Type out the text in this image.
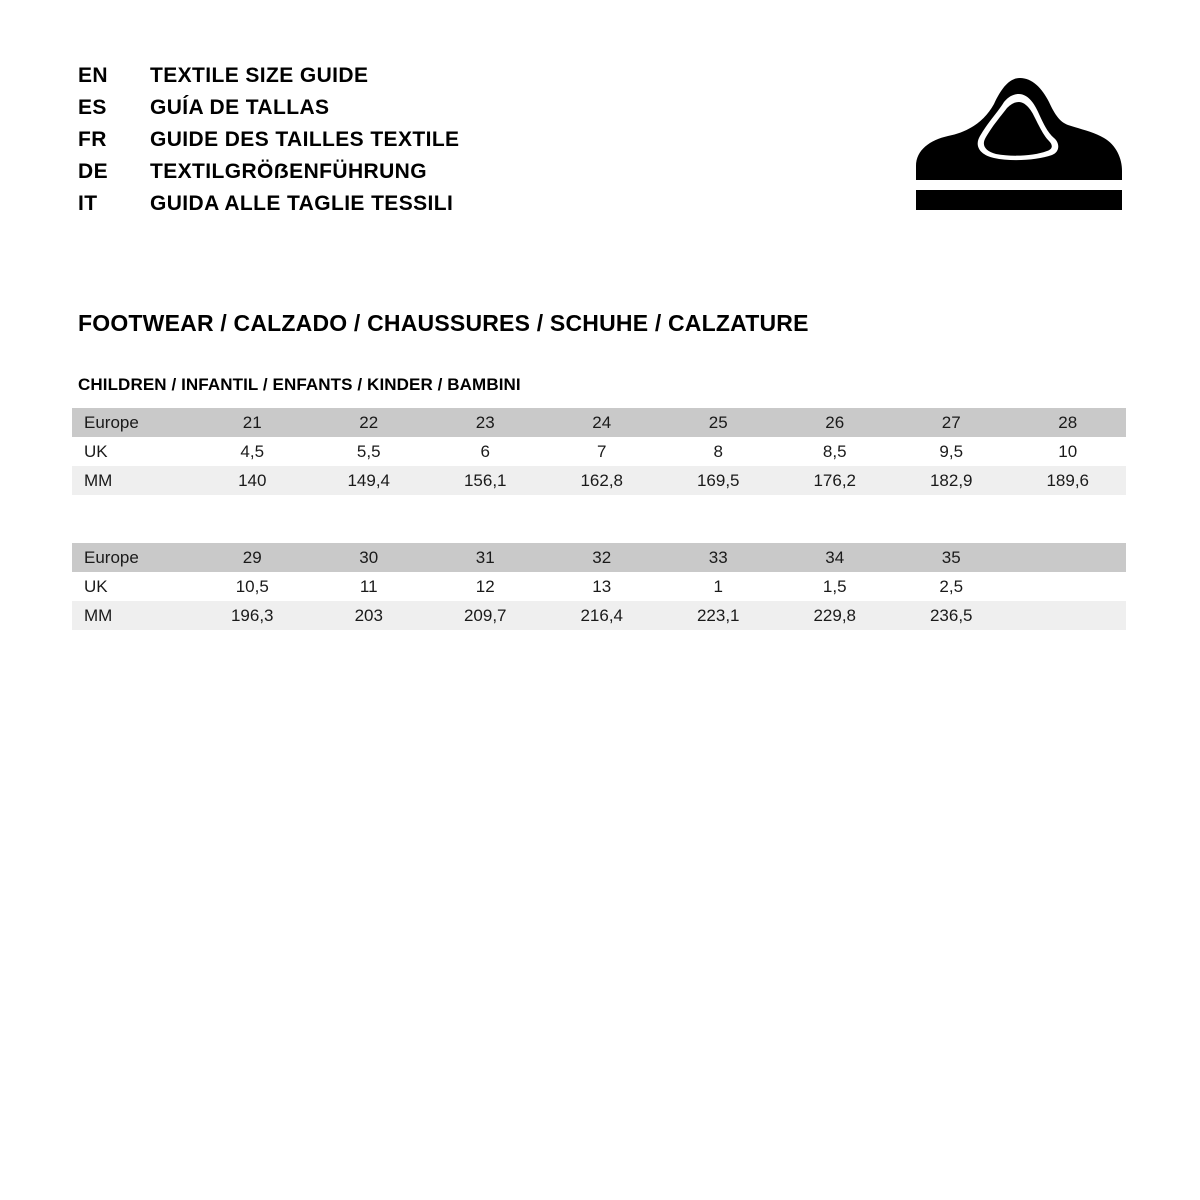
EN	TEXTILE SIZE GUIDE
ES	GUÍA DE TALLAS
FR	GUIDE DES TAILLES TEXTILE
DE	TEXTILGRÖẞENFÜHRUNG
IT	GUIDA ALLE TAGLIE TESSILI
FOOTWEAR / CALZADO / CHAUSSURES / SCHUHE / CALZATURE
CHILDREN / INFANTIL / ENFANTS / KINDER / BAMBINI
Europe	21	22	23	24	25	26	27	28
UK	4,5	5,5	6	7	8	8,5	9,5	10
MM	140	149,4	156,1	162,8	169,5	176,2	182,9	189,6
Europe	29	30	31	32	33	34	35	
UK	10,5	11	12	13	1	1,5	2,5	
MM	196,3	203	209,7	216,4	223,1	229,8	236,5	
